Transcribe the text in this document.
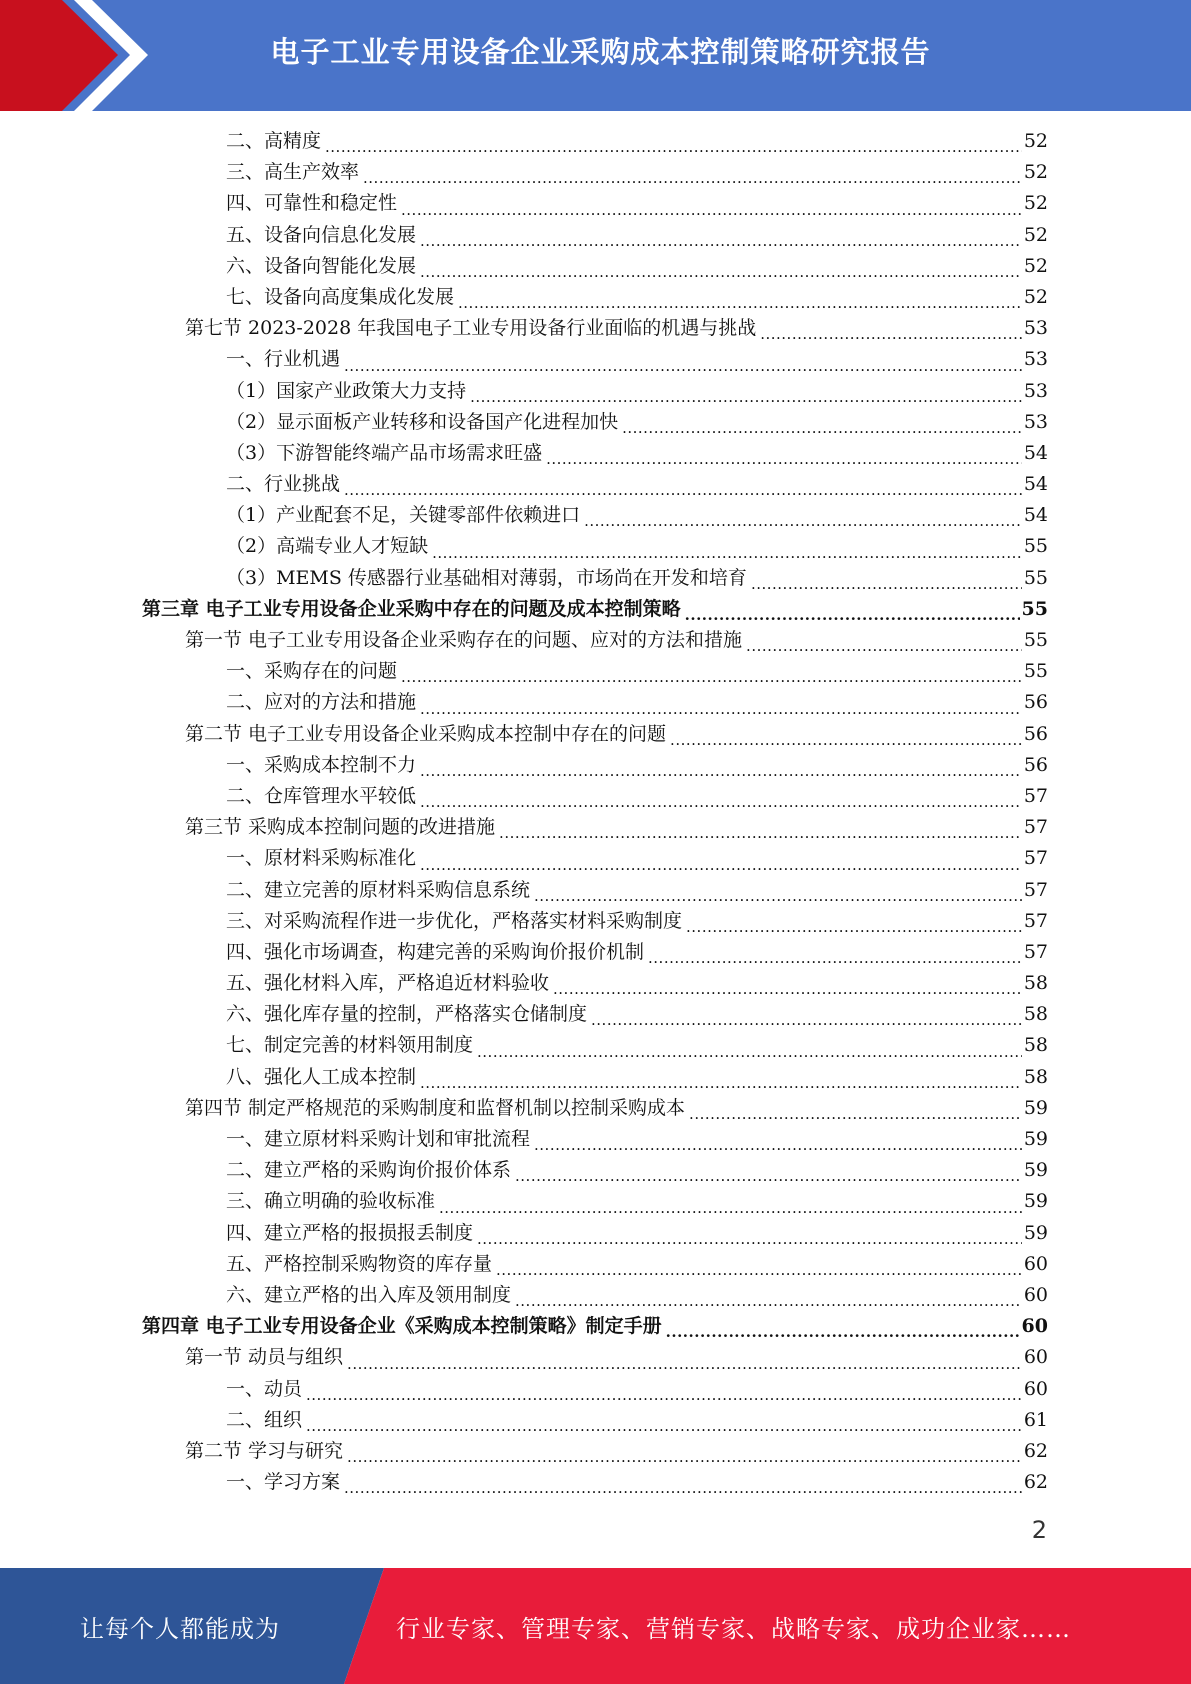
电子工业专用设备企业采购成本控制策略研究报告
二、高精度 .....	52
三、高生产效率 .....	52
四、可靠性和稳定性 .....	52
五、设备向信息化发展 .....	52
六、设备向智能化发展 .....	52
七、设备向高度集成化发展 .....	52
第七节 2023-2028 年我国电子工业专用设备行业面临的机遇与挑战 .....	53
一、行业机遇 .....	53
（1）国家产业政策大力支持 .....	53
（2）显示面板产业转移和设备国产化进程加快 .....	53
（3）下游智能终端产品市场需求旺盛 .....	54
二、行业挑战 .....	54
（1）产业配套不足，关键零部件依赖进口 .....	54
（2）高端专业人才短缺 .....	55
（3）MEMS 传感器行业基础相对薄弱，市场尚在开发和培育 .....	55
第三章 电子工业专用设备企业采购中存在的问题及成本控制策略 .....	55
第一节 电子工业专用设备企业采购存在的问题、应对的方法和措施 .....	55
一、采购存在的问题 .....	55
二、应对的方法和措施 .....	56
第二节 电子工业专用设备企业采购成本控制中存在的问题 .....	56
一、采购成本控制不力 .....	56
二、仓库管理水平较低 .....	57
第三节 采购成本控制问题的改进措施 .....	57
一、原材料采购标准化 .....	57
二、建立完善的原材料采购信息系统 .....	57
三、对采购流程作进一步优化，严格落实材料采购制度 .....	57
四、强化市场调查，构建完善的采购询价报价机制 .....	57
五、强化材料入库，严格追近材料验收 .....	58
六、强化库存量的控制，严格落实仓储制度 .....	58
七、制定完善的材料领用制度 .....	58
八、强化人工成本控制 .....	58
第四节 制定严格规范的采购制度和监督机制以控制采购成本 .....	59
一、建立原材料采购计划和审批流程 .....	59
二、建立严格的采购询价报价体系 .....	59
三、确立明确的验收标准 .....	59
四、建立严格的报损报丢制度 .....	59
五、严格控制采购物资的库存量 .....	60
六、建立严格的出入库及领用制度 .....	60
第四章 电子工业专用设备企业《采购成本控制策略》制定手册 .....	60
第一节 动员与组织 .....	60
一、动员 .....	60
二、组织 .....	61
第二节 学习与研究 .....	62
一、学习方案 .....	62
2
让每个人都能成为	行业专家、管理专家、营销专家、战略专家、成功企业家……
